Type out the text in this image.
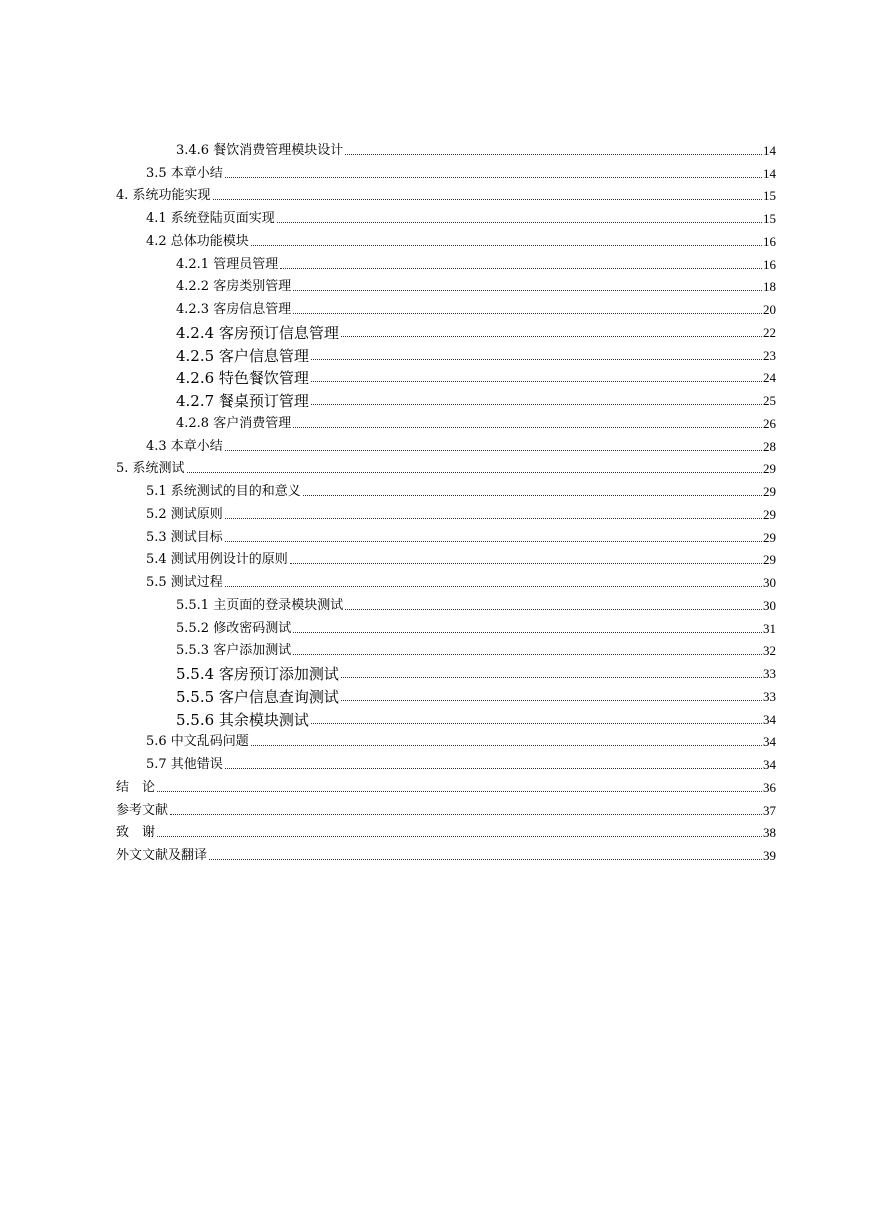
3.4.6 餐饮消费管理模块设计	14
3.5 本章小结	14
4. 系统功能实现	15
4.1 系统登陆页面实现	15
4.2 总体功能模块	16
4.2.1 管理员管理	16
4.2.2 客房类别管理	18
4.2.3 客房信息管理	20
4.2.4 客房预订信息管理	22
4.2.5 客户信息管理	23
4.2.6 特色餐饮管理	24
4.2.7 餐桌预订管理	25
4.2.8 客户消费管理	26
4.3 本章小结	28
5. 系统测试	29
5.1 系统测试的目的和意义	29
5.2 测试原则	29
5.3 测试目标	29
5.4 测试用例设计的原则	29
5.5 测试过程	30
5.5.1 主页面的登录模块测试	30
5.5.2 修改密码测试	31
5.5.3 客户添加测试	32
5.5.4 客房预订添加测试	33
5.5.5 客户信息查询测试	33
5.5.6 其余模块测试	34
5.6 中文乱码问题	34
5.7 其他错误	34
结　论	36
参考文献	37
致　谢	38
外文文献及翻译	39
